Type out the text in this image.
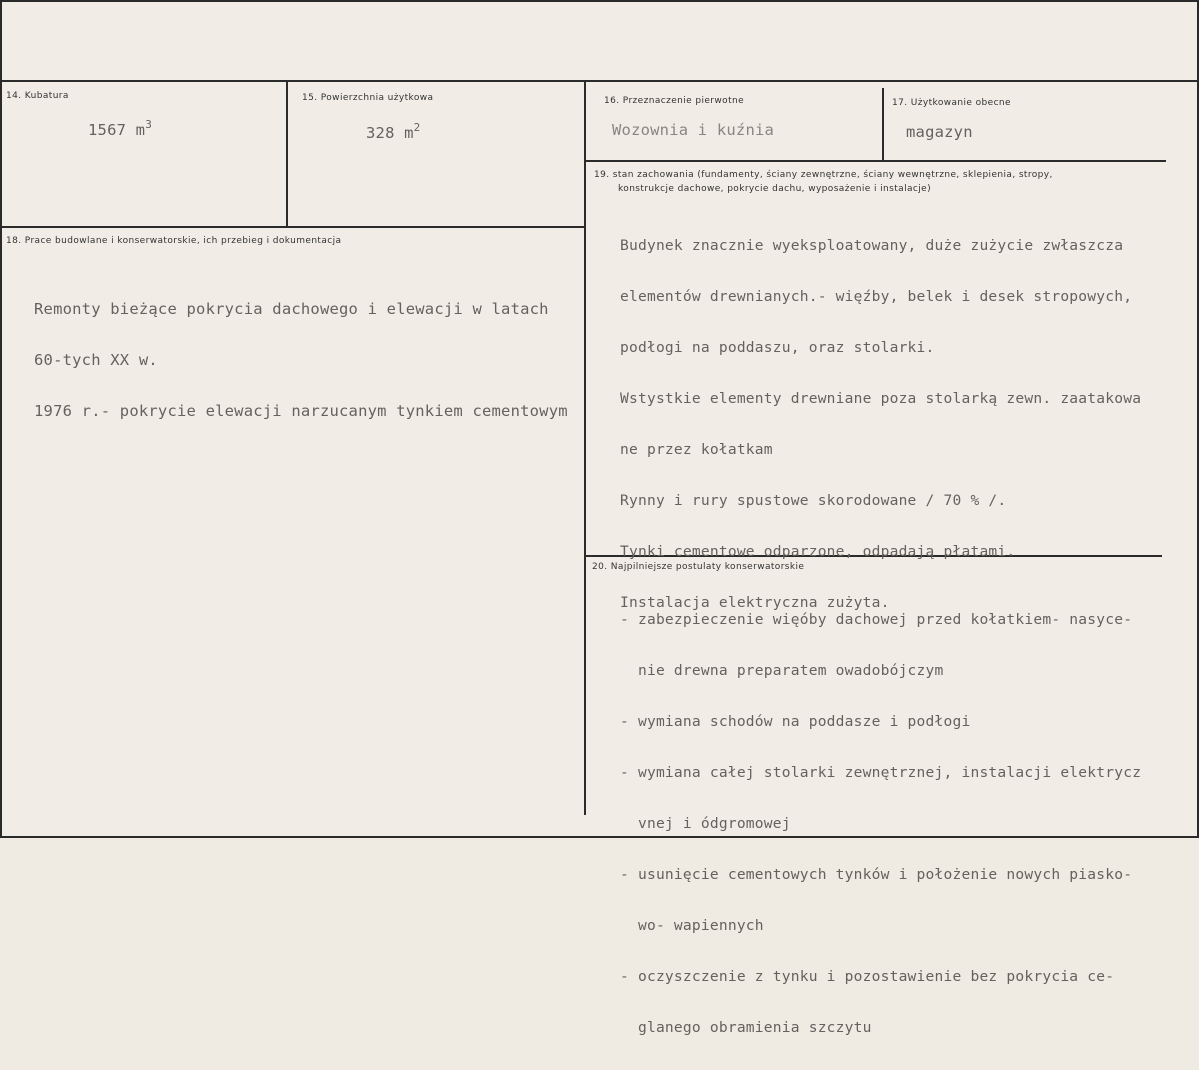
14. Kubatura
1567 $m^3$
15. Powierzchnia użytkowa
328 $m^2$
16. Przeznaczenie pierwotne
Wozownia i kuźnia
17. Użytkowanie obecne
magazyn
18. Prace budowlane i konserwatorskie, ich przebieg i dokumentacja

Remonty bieżące pokrycia dachowego i elewacji w latach

60-tych XX w.

1976 r.- pokrycie elewacji narzucanym tynkiem cementowym

19. stan zachowania (fundamenty, ściany zewnętrzne, ściany wewnętrzne, sklepienia, stropy,
konstrukcje dachowe, pokrycie dachu, wyposażenie i instalacje)

Budynek znacznie wyeksploatowany, duże zużycie zwłaszcza

elementów drewnianych.- więźby, belek i desek stropowych,

podłogi na poddaszu, oraz stolarki.

Wstystkie elementy drewniane poza stolarką zewn. zaatakowa

ne przez kołatkam

Rynny i rury spustowe skorodowane / 70 % /.

Tynki cementowe odparzone, odpadają płatami.

Instalacja elektryczna zużyta.

20. Najpilniejsze postulaty konserwatorskie

- zabezpieczenie więóby dachowej przed kołatkiem- nasyce-

nie drewna preparatem owadobójczym

- wymiana schodów na poddasze i podłogi

- wymiana całej stolarki zewnętrznej, instalacji elektrycz

vnej i ódgromowej

- usunięcie cementowych tynków i położenie nowych piasko-

wo- wapiennych

- oczyszczenie z tynku i pozostawienie bez pokrycia ce-

glanego obramienia szczytu
